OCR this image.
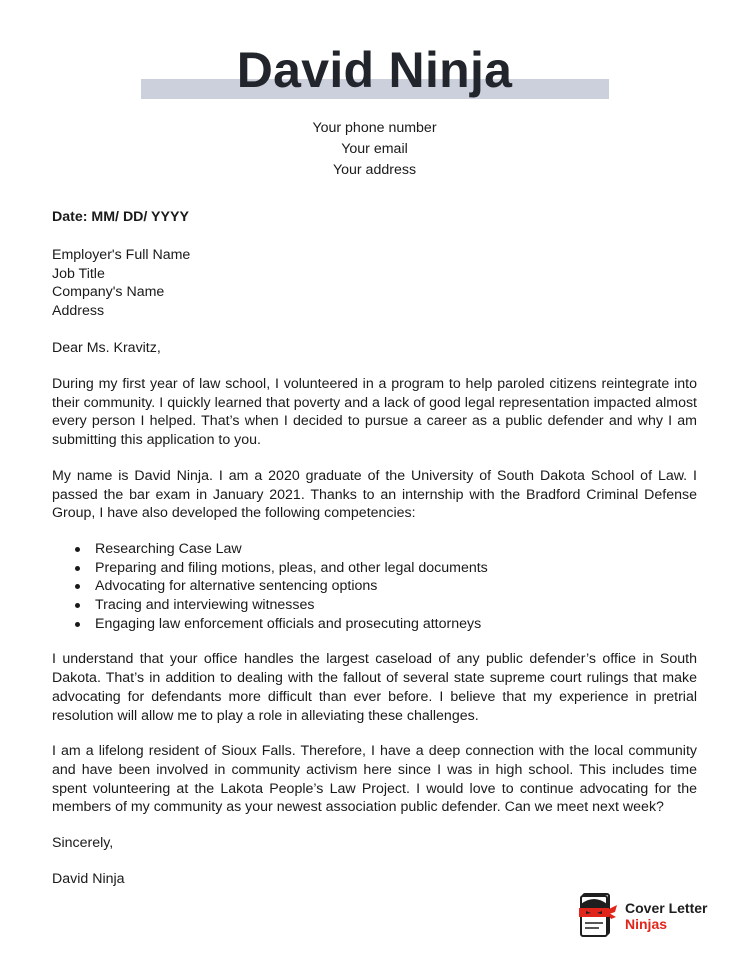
David Ninja
Your phone number
Your email
Your address
Date: MM/ DD/ YYYY
Employer's Full Name
Job Title
Company's Name
Address
Dear Ms. Kravitz,

During my first year of law school, I volunteered in a program to help paroled citizens reintegrate into their community. I quickly learned that poverty and a lack of good legal representation impacted almost every person I helped. That’s when I decided to pursue a career as a public defender and why I am submitting this application to you.

My name is David Ninja. I am a 2020 graduate of the University of South Dakota School of Law. I passed the bar exam in January 2021. Thanks to an internship with the Bradford Criminal Defense Group, I have also developed the following competencies:

Researching Case Law
Preparing and filing motions, pleas, and other legal documents
Advocating for alternative sentencing options
Tracing and interviewing witnesses
Engaging law enforcement officials and prosecuting attorneys

I understand that your office handles the largest caseload of any public defender’s office in South Dakota. That’s in addition to dealing with the fallout of several state supreme court rulings that make advocating for defendants more difficult than ever before. I believe that my experience in pretrial resolution will allow me to play a role in alleviating these challenges.

I am a lifelong resident of Sioux Falls. Therefore, I have a deep connection with the local community and have been involved in community activism here since I was in high school. This includes time spent volunteering at the Lakota People’s Law Project. I would love to continue advocating for the members of my community as your newest association public defender. Can we meet next week?

Sincerely,
David Ninja
Cover Letter
Ninjas
